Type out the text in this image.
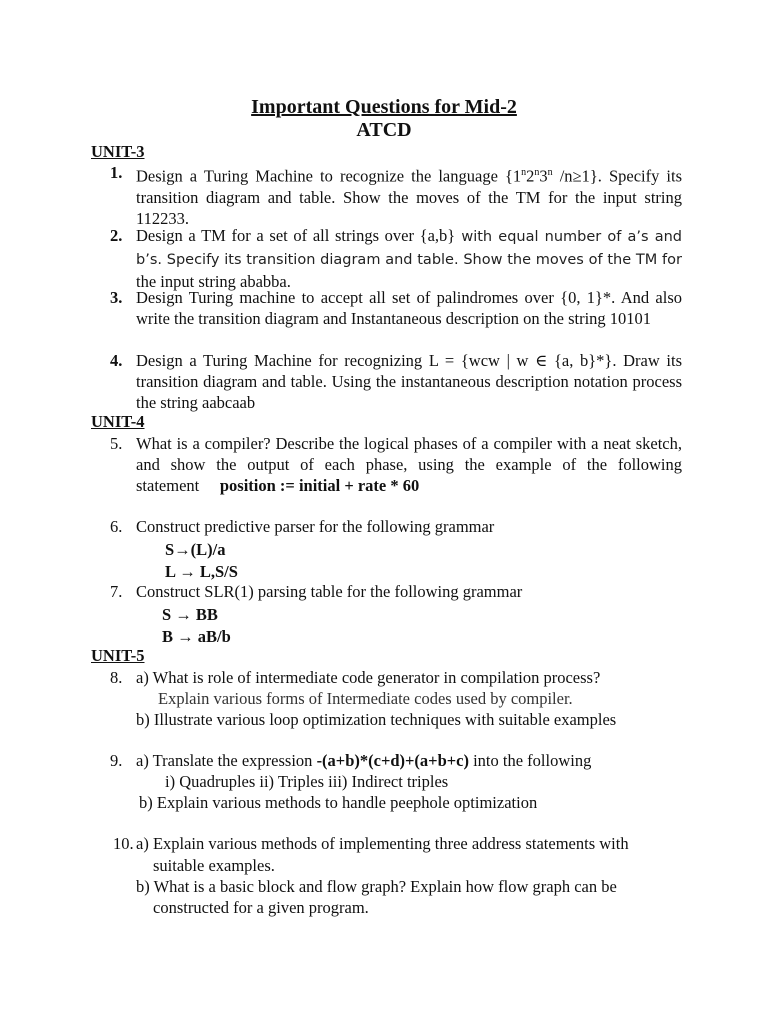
Important Questions for Mid-2
ATCD
UNIT-3
1. Design a Turing Machine to recognize the language {1$^n$2$^n$3$^n$ /n≥1}. Specify its transition diagram and table. Show the moves of the TM for the input string 112233.
2. Design a TM for a set of all strings over {a,b} with equal number of a’s and b’s. Specify its transition diagram and table. Show the moves of the TM for the input string ababba.
3. Design Turing machine to accept all set of palindromes over {0, 1}*. And also write the transition diagram and Instantaneous description on the string 10101
4. Design a Turing Machine for recognizing L = {wcw | w ∈ {a, b}*}. Draw its transition diagram and table. Using the instantaneous description notation process the string aabcaab
UNIT-4
5. What is a compiler? Describe the logical phases of a compiler with a neat sketch, and show the output of each phase, using the example of the following statement position := initial + rate * 60
6. Construct predictive parser for the following grammar
S→(L)/a
L → L,S/S
7. Construct SLR(1) parsing table for the following grammar
S → BB
B → aB/b
UNIT-5
8. a) What is role of intermediate code generator in compilation process?
Explain various forms of Intermediate codes used by compiler.
b) Illustrate various loop optimization techniques with suitable examples
9. a) Translate the expression -(a+b)*(c+d)+(a+b+c) into the following
i) Quadruples ii) Triples iii) Indirect triples
b) Explain various methods to handle peephole optimization
10. a) Explain various methods of implementing three address statements with
suitable examples.
b) What is a basic block and flow graph? Explain how flow graph can be
constructed for a given program.
